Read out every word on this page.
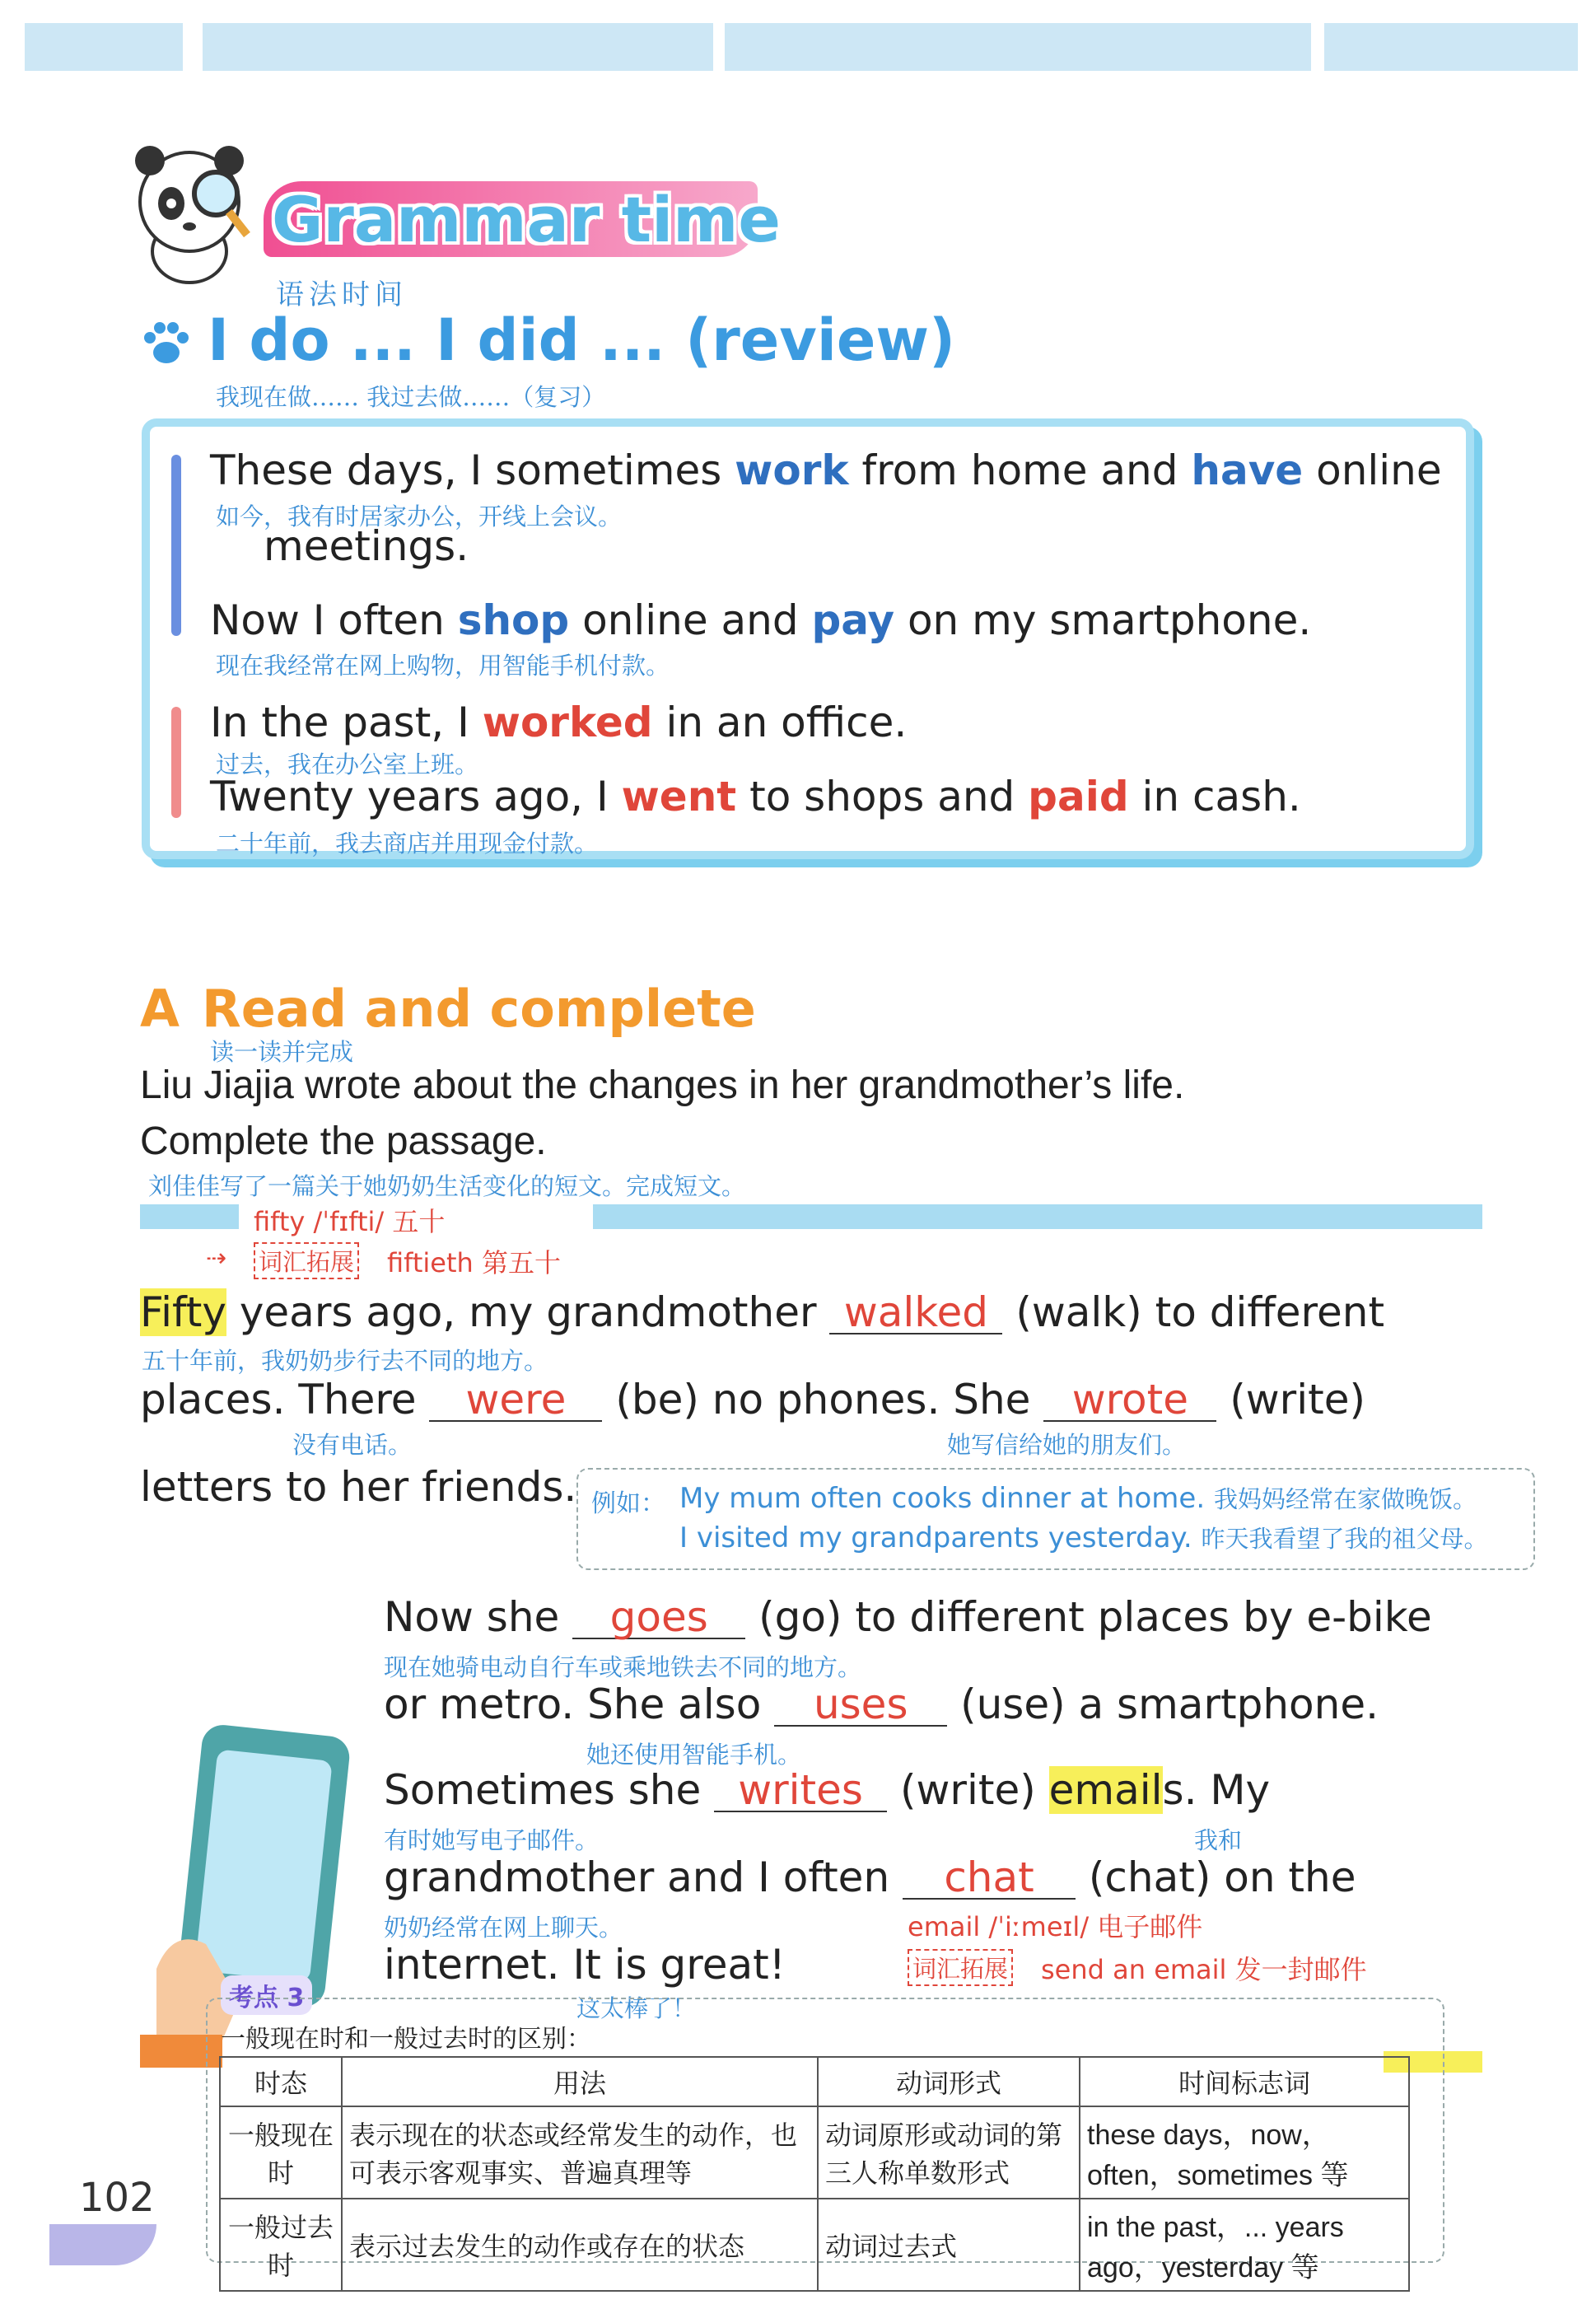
Grammar time
语法时间
I do ... I did ... (review)
我现在做…… 我过去做……（复习）
These days, I sometimes work from home and have online
如今，我有时居家办公，开线上会议。
meetings.
Now I often shop online and pay on my smartphone.
现在我经常在网上购物，用智能手机付款。
In the past, I worked in an office.
过去，我在办公室上班。
Twenty years ago, I went to shops and paid in cash.
二十年前，我去商店并用现金付款。
A Read and complete
读一读并完成
Liu Jiajia wrote about the changes in her grandmother’s life.
Complete the passage.
刘佳佳写了一篇关于她奶奶生活变化的短文。完成短文。
fifty /ˈfɪfti/ 五十
词汇拓展 fiftieth 第五十
⇢
Fifty years ago, my grandmother walked (walk) to different
五十年前，我奶奶步行去不同的地方。
places. There were (be) no phones. She wrote (write)
没有电话。	她写信给她的朋友们。
letters to her friends. 例如： My mum often cooks dinner at home. 我妈妈经常在家做晚饭。
I visited my grandparents yesterday. 昨天我看望了我的祖父母。
Now she goes (go) to different places by e-bike
现在她骑电动自行车或乘地铁去不同的地方。
or metro. She also uses (use) a smartphone.
她还使用智能手机。
Sometimes she writes (write) emails. My
有时她写电子邮件。	我和
grandmother and I often chat (chat) on the
奶奶经常在网上聊天。	email /ˈiːmeɪl/ 电子邮件
internet. It is great!
这太棒了！
词汇拓展 send an email 发一封邮件
考点 3
一般现在时和一般过去时的区别：
时态	用法	动词形式	时间标志词
一般现在时	表示现在的状态或经常发生的动作，也可表示客观事实、普遍真理等	动词原形或动词的第三人称单数形式	these days，now，often，sometimes 等
一般过去时	表示过去发生的动作或存在的状态	动词过去式	in the past，... years ago，yesterday 等
102
